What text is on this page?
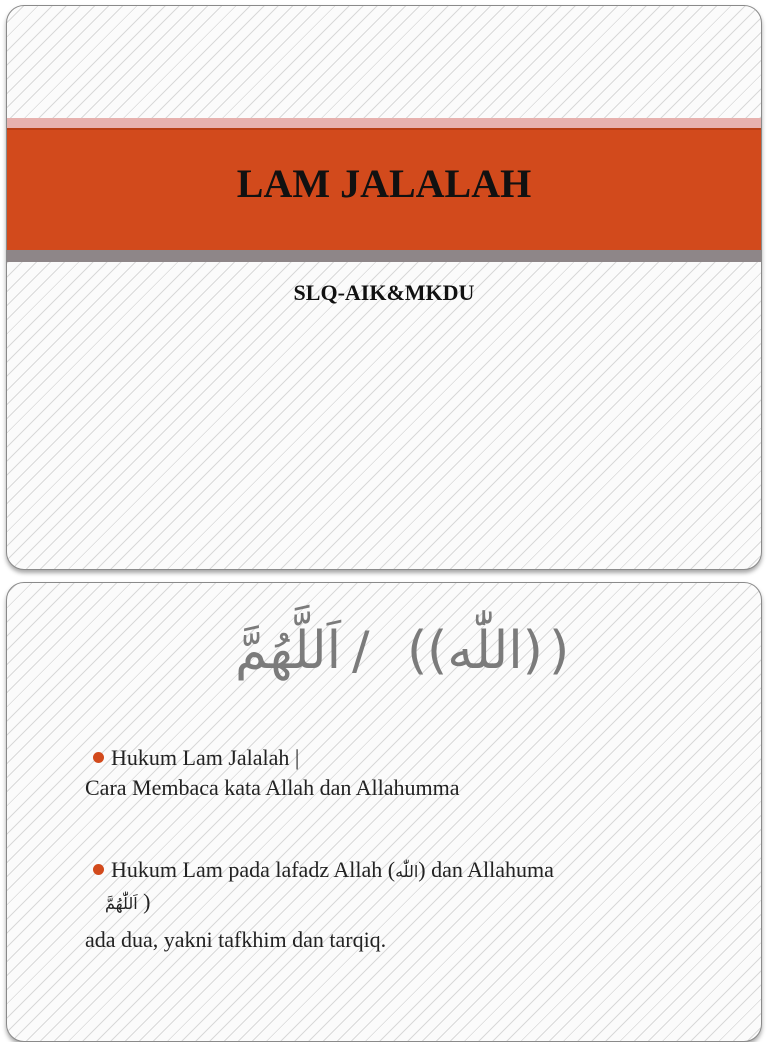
LAM JALALAH

SLQ-AIK&MKDU

اَللَّهُمَّ / ( (اللّٰه) )
Hukum Lam Jalalah |
Cara Membaca kata Allah dan Allahumma
Hukum Lam pada lafadz Allah (اللّٰه) dan Allahuma
اَللّٰهُمَّ )
ada dua, yakni tafkhim dan tarqiq.
